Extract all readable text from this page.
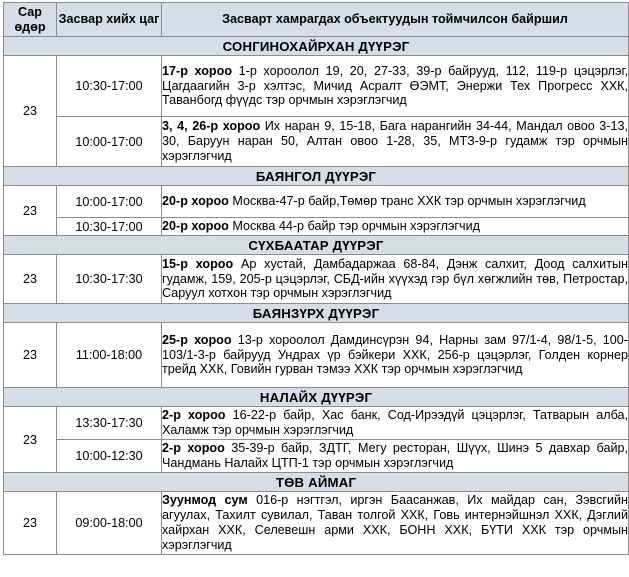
Сар өдөр	Засвар хийх цаг	Засварт хамрагдах объектуудын тоймчилсон байршил
СОНГИНОХАЙРХАН ДҮҮРЭГ		
23	10:30-17:00	17-р хороо 1-р хороолол 19, 20, 27-33, 39-р байрууд, 112, 119-р цэцэрлэг, Цагдаагийн 3-р хэлтэс, Мичид Асралт ӨЭМТ, Энержи Тех Прогресс ХХК, Таванбогд фүүдс тэр орчмын хэрэглэгчид
	10:00-17:00	3, 4, 26-р хороо Их наран 9, 15-18, Бага нарангийн 34-44, Мандал овоо 3-13, 30, Баруун наран 50, Алтан овоо 1-28, 35, МТЗ-9-р гудамж тэр орчмын хэрэглэгчид
БАЯНГОЛ ДҮҮРЭГ		
23	10:00-17:00	20-р хороо Москва-47-р байр,Төмөр транс ХХК тэр орчмын хэрэглэгчид
	10:30-17:00	20-р хороо Москва 44-р байр тэр орчмын хэрэглэгчид
СҮХБААТАР ДҮҮРЭГ		
23	10:30-17:30	15-р хороо Ар хустай, Дамбадаржаа 68-84, Дэнж салхит, Доод салхитын гудамж, 159, 205-р цэцэрлэг, СБД-ийн хүүхэд гэр бүл хөгжлийн төв, Петростар, Саруул хотхон тэр орчмын хэрэглэгчид
БАЯНЗҮРХ ДҮҮРЭГ		
23	11:00-18:00	25-р хороо 13-р хороолол Дамдинсүрэн 94, Нарны зам 97/1-4, 98/1-5, 100-103/1-3-р байрууд Ундрах үр бэйкери ХХК, 256-р цэцэрлэг, Голден корнер трейд ХХК, Говийн гурван тэмээ ХХК тэр орчмын хэрэглэгчид
НАЛАЙХ ДҮҮРЭГ		
23	13:30-17:30	2-р хороо 16-22-р байр, Хас банк, Сод-Ирээдүй цэцэрлэг, Татварын алба, Халамж тэр орчмын хэрэглэгчид
	10:00-12:30	2-р хороо 35-39-р байр, ЗДТГ, Мегу ресторан, Шүүх, Шинэ 5 давхар байр, Чандмань Налайх ЦТП-1 тэр орчмын хэрэглэгчид
ТӨВ АЙМАГ		
23	09:00-18:00	Зуунмод сум 016-р нэгтгэл, иргэн Баасанжав, Их майдар сан, Зэвсгийн агуулах, Тахилт сувилал, Таван толгой ХХК, Говь интернэйшнэл ХХК, Дэглий хайрхан ХХК, Селевешн арми ХХК, БОНН ХХК, БҮТИ ХХК тэр орчмын хэрэглэгчид
